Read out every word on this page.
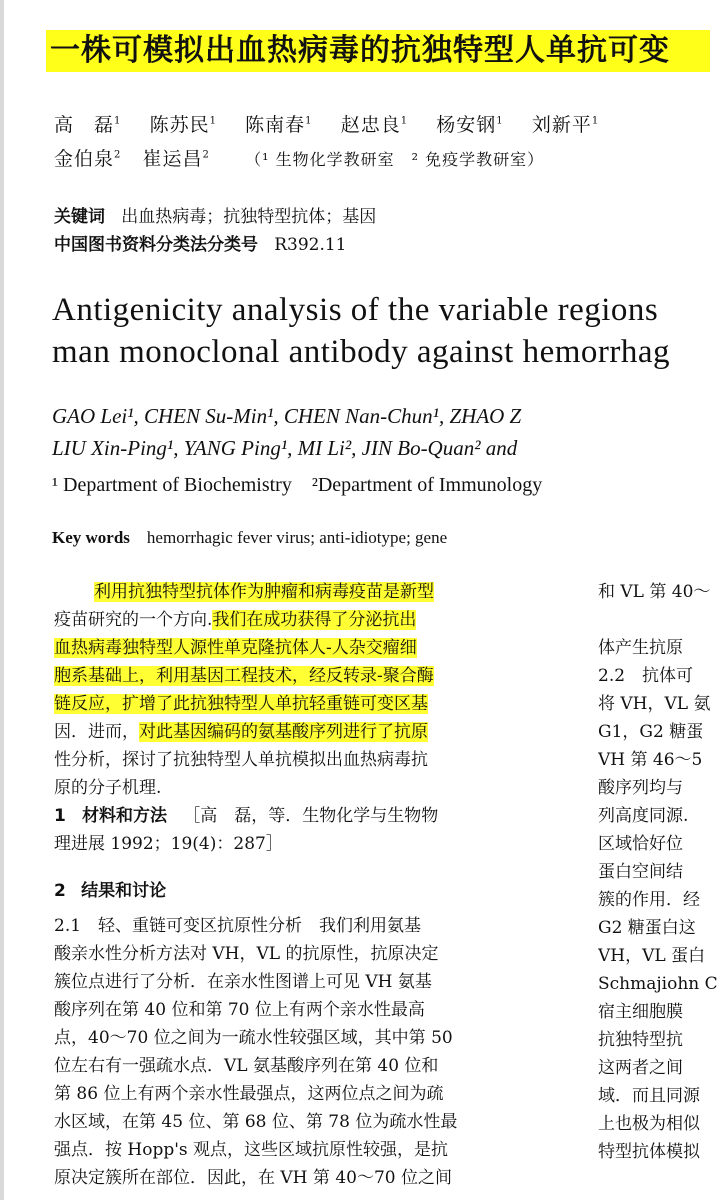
一株可模拟出血热病毒的抗独特型人单抗可变
高　磊$^1$ 陈苏民$^1$ 陈南春$^1$ 赵忠良$^1$ 杨安钢$^1$ 刘新平$^1$
金伯泉$^2$ 崔运昌$^2$ （¹ 生物化学教研室　² 免疫学教研室）
关键词 出血热病毒；抗独特型抗体；基因
中国图书资料分类法分类号 R392.11
Antigenicity analysis of the variable regions
man monoclonal antibody against hemorrhag
GAO Lei¹, CHEN Su-Min¹, CHEN Nan-Chun¹, ZHAO Z
LIU Xin-Ping¹, YANG Ping¹, MI Li², JIN Bo-Quan² and
¹ Department of Biochemistry　²Department of Immunology
Key words hemorrhagic fever virus; anti-idiotype; gene
利用抗独特型抗体作为肿瘤和病毒疫苗是新型
疫苗研究的一个方向.我们在成功获得了分泌抗出
血热病毒独特型人源性单克隆抗体人-人杂交瘤细
胞系基础上，利用基因工程技术，经反转录-聚合酶
链反应，扩增了此抗独特型人单抗轻重链可变区基
因．进而，对此基因编码的氨基酸序列进行了抗原
性分析，探讨了抗独特型人单抗模拟出血热病毒抗
原的分子机理.
1 材料和方法 ［高　磊，等．生物化学与生物物
理进展 1992；19(4)：287］
2 结果和讨论
2.1　轻、重链可变区抗原性分析　我们利用氨基
酸亲水性分析方法对 VH，VL 的抗原性，抗原决定
簇位点进行了分析．在亲水性图谱上可见 VH 氨基
酸序列在第 40 位和第 70 位上有两个亲水性最高
点，40～70 位之间为一疏水性较强区域，其中第 50
位左右有一强疏水点．VL 氨基酸序列在第 40 位和
第 86 位上有两个亲水性最强点，这两位点之间为疏
水区域，在第 45 位、第 68 位、第 78 位为疏水性最
强点．按 Hopp's 观点，这些区域抗原性较强，是抗
原决定簇所在部位．因此，在 VH 第 40～70 位之间
和 VL 第 40～
体产生抗原
2.2　抗体可
将 VH，VL 氨
G1，G2 糖蛋
VH 第 46～5
酸序列均与
列高度同源.
区域恰好位
蛋白空间结
簇的作用．经
G2 糖蛋白这
VH，VL 蛋白
Schmajiohn C
宿主细胞膜
抗独特型抗
这两者之间
域．而且同源
上也极为相似
特型抗体模拟
